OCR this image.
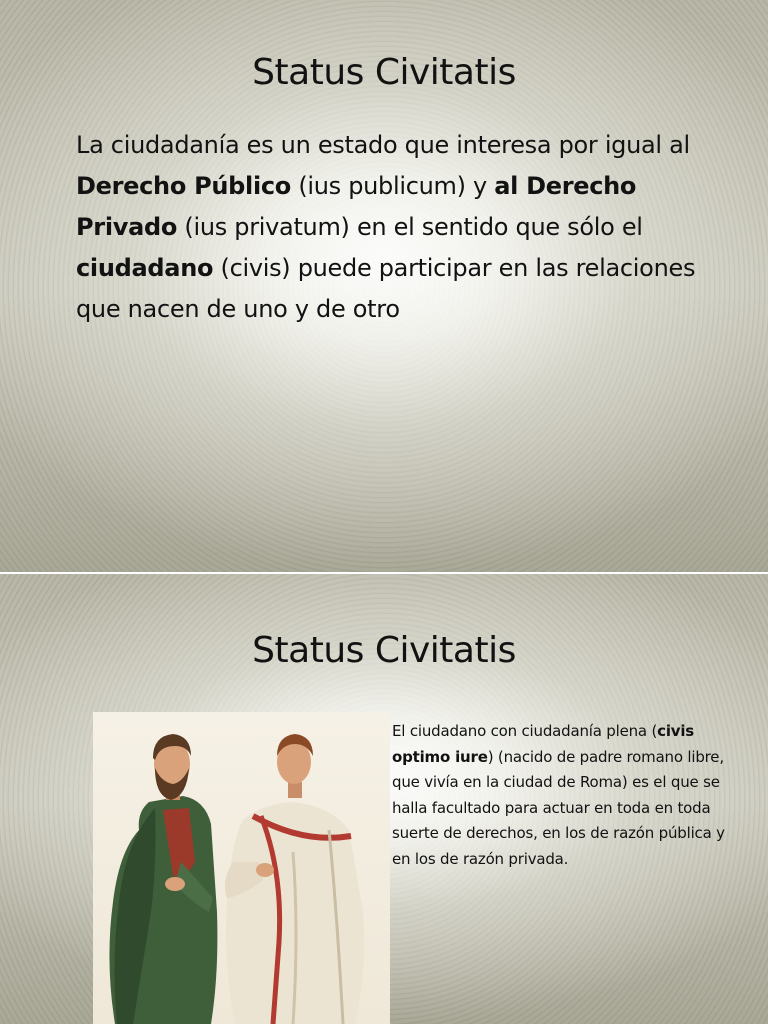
Status Civitatis

La ciudadanía es un estado que interesa por igual al Derecho Público (ius publicum) y al Derecho Privado (ius privatum) en el sentido que sólo el ciudadano (civis) puede participar en las relaciones que nacen de uno y de otro

Status Civitatis

El ciudadano con ciudadanía plena (civis optimo iure) (nacido de padre romano libre, que vivía en la ciudad de Roma) es el que se halla facultado para actuar en toda en toda suerte de derechos, en los de razón pública y en los de razón privada.
